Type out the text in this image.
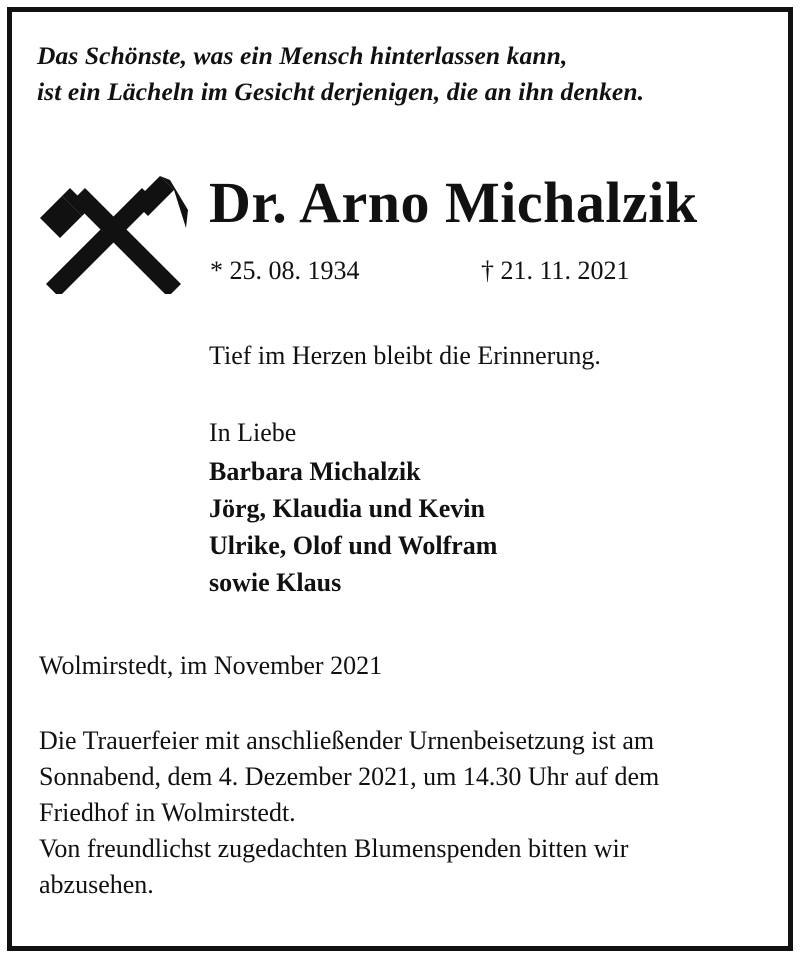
Das Schönste, was ein Mensch hinterlassen kann,
ist ein Lächeln im Gesicht derjenigen, die an ihn denken.
Dr. Arno Michalzik
* 25. 08. 1934	† 21. 11. 2021
Tief im Herzen bleibt die Erinnerung.
In Liebe
Barbara Michalzik
Jörg, Klaudia und Kevin
Ulrike, Olof und Wolfram
sowie Klaus
Wolmirstedt, im November 2021
Die Trauerfeier mit anschließender Urnenbeisetzung ist am
Sonnabend, dem 4. Dezember 2021, um 14.30 Uhr auf dem
Friedhof in Wolmirstedt.
Von freundlichst zugedachten Blumenspenden bitten wir
abzusehen.
